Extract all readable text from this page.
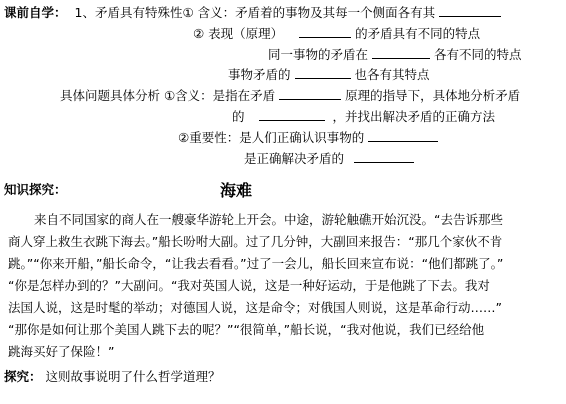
课前自学： 1、矛盾具有特殊性① 含义：矛盾着的事物及其每一个侧面各有其
② 表现（原理）	的矛盾具有不同的特点
同一事物的矛盾在	各有不同的特点
事物矛盾的	也各有其特点
具体问题具体分析 ①含义：是指在矛盾	原理的指导下，具体地分析矛盾
的	，并找出解决矛盾的正确方法
②重要性：是人们正确认识事物的
是正确解决矛盾的
知识探究：	海难
来自不同国家的商人在一艘豪华游轮上开会。中途，游轮触礁开始沉没。“去告诉那些
商人穿上救生衣跳下海去。”船长吩咐大副。过了几分钟，大副回来报告：“那几个家伙不肯
跳。”“你来开船，”船长命令，“让我去看看。”过了一会儿，船长回来宣布说：“他们都跳了。”
“你是怎样办到的？”大副问。“我对英国人说，这是一种好运动，于是他跳了下去。我对
法国人说，这是时髦的举动；对德国人说，这是命令；对俄国人则说，这是革命行动……”
“那你是如何让那个美国人跳下去的呢？”“很简单，”船长说，“我对他说，我们已经给他
跳海买好了保险！”
探究： 这则故事说明了什么哲学道理？
